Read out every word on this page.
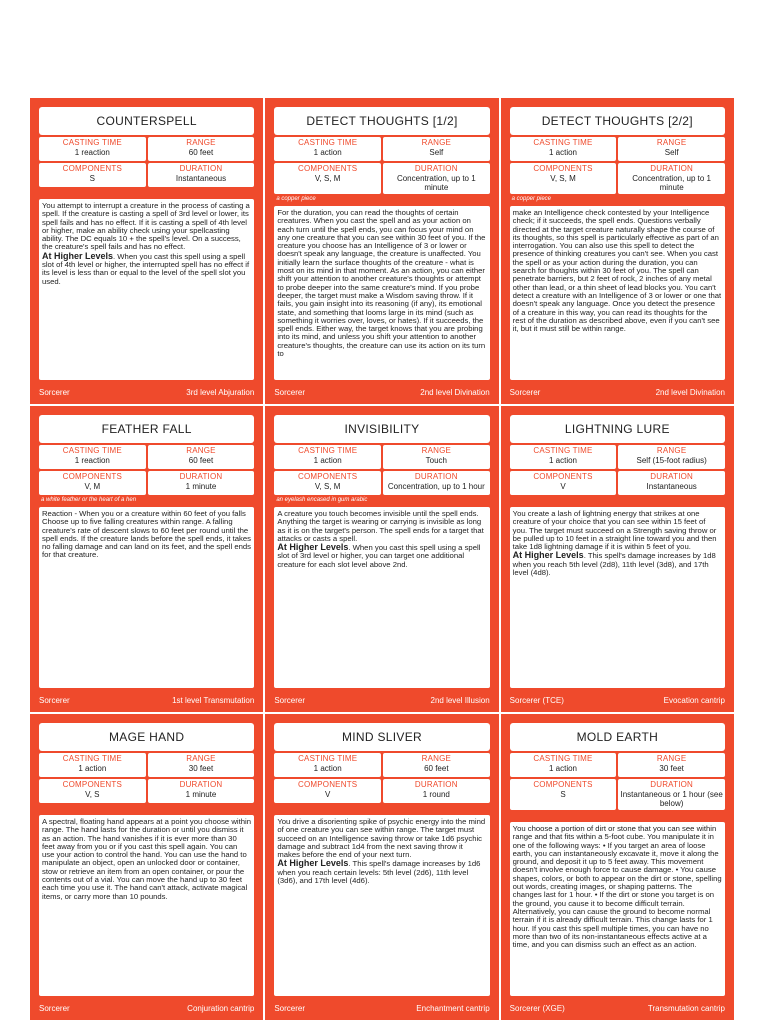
COUNTERSPELL
CASTING TIME
1 reaction
RANGE
60 feet
COMPONENTS
S
DURATION
Instantaneous

You attempt to interrupt a creature in the process of casting a spell. If the creature is casting a spell of 3rd level or lower, its spell fails and has no effect. If it is casting a spell of 4th level or higher, make an ability check using your spellcasting ability. The DC equals 10 + the spell's level. On a success, the creature's spell fails and has no effect.

At Higher Levels. When you cast this spell using a spell slot of 4th level or higher, the interrupted spell has no effect if its level is less than or equal to the level of the spell slot you used.

Sorcerer	3rd level Abjuration
DETECT THOUGHTS [1/2]
CASTING TIME
1 action
RANGE
Self
COMPONENTS
V, S, M
DURATION
Concentration, up to 1 minute
a copper piece

For the duration, you can read the thoughts of certain creatures. When you cast the spell and as your action on each turn until the spell ends, you can focus your mind on any one creature that you can see within 30 feet of you. If the creature you choose has an Intelligence of 3 or lower or doesn't speak any language, the creature is unaffected. You initially learn the surface thoughts of the creature - what is most on its mind in that moment. As an action, you can either shift your attention to another creature's thoughts or attempt to probe deeper into the same creature's mind. If you probe deeper, the target must make a Wisdom saving throw. If it fails, you gain insight into its reasoning (if any), its emotional state, and something that looms large in its mind (such as something it worries over, loves, or hates). If it succeeds, the spell ends. Either way, the target knows that you are probing into its mind, and unless you shift your attention to another creature's thoughts, the creature can use its action on its turn to

Sorcerer	2nd level Divination
DETECT THOUGHTS [2/2]
CASTING TIME
1 action
RANGE
Self
COMPONENTS
V, S, M
DURATION
Concentration, up to 1 minute
a copper piece

make an Intelligence check contested by your Intelligence check; if it succeeds, the spell ends. Questions verbally directed at the target creature naturally shape the course of its thoughts, so this spell is particularly effective as part of an interrogation. You can also use this spell to detect the presence of thinking creatures you can't see. When you cast the spell or as your action during the duration, you can search for thoughts within 30 feet of you. The spell can penetrate barriers, but 2 feet of rock, 2 inches of any metal other than lead, or a thin sheet of lead blocks you. You can't detect a creature with an Intelligence of 3 or lower or one that doesn't speak any language. Once you detect the presence of a creature in this way, you can read its thoughts for the rest of the duration as described above, even if you can't see it, but it must still be within range.

Sorcerer	2nd level Divination
FEATHER FALL
CASTING TIME
1 reaction
RANGE
60 feet
COMPONENTS
V, M
DURATION
1 minute
a white feather or the heart of a hen

Reaction - When you or a creature within 60 feet of you falls Choose up to five falling creatures within range. A falling creature's rate of descent slows to 60 feet per round until the spell ends. If the creature lands before the spell ends, it takes no falling damage and can land on its feet, and the spell ends for that creature.

Sorcerer	1st level Transmutation
INVISIBILITY
CASTING TIME
1 action
RANGE
Touch
COMPONENTS
V, S, M
DURATION
Concentration, up to 1 hour
an eyelash encased in gum arabic

A creature you touch becomes invisible until the spell ends. Anything the target is wearing or carrying is invisible as long as it is on the target's person. The spell ends for a target that attacks or casts a spell.

At Higher Levels. When you cast this spell using a spell slot of 3rd level or higher, you can target one additional creature for each slot level above 2nd.

Sorcerer	2nd level Illusion
LIGHTNING LURE
CASTING TIME
1 action
RANGE
Self (15-foot radius)
COMPONENTS
V
DURATION
Instantaneous

You create a lash of lightning energy that strikes at one creature of your choice that you can see within 15 feet of you. The target must succeed on a Strength saving throw or be pulled up to 10 feet in a straight line toward you and then take 1d8 lightning damage if it is within 5 feet of you.

At Higher Levels. This spell's damage increases by 1d8 when you reach 5th level (2d8), 11th level (3d8), and 17th level (4d8).

Sorcerer (TCE)	Evocation cantrip
MAGE HAND
CASTING TIME
1 action
RANGE
30 feet
COMPONENTS
V, S
DURATION
1 minute

A spectral, floating hand appears at a point you choose within range. The hand lasts for the duration or until you dismiss it as an action. The hand vanishes if it is ever more than 30 feet away from you or if you cast this spell again. You can use your action to control the hand. You can use the hand to manipulate an object, open an unlocked door or container, stow or retrieve an item from an open container, or pour the contents out of a vial. You can move the hand up to 30 feet each time you use it. The hand can't attack, activate magical items, or carry more than 10 pounds.

Sorcerer	Conjuration cantrip
MIND SLIVER
CASTING TIME
1 action
RANGE
60 feet
COMPONENTS
V
DURATION
1 round

You drive a disorienting spike of psychic energy into the mind of one creature you can see within range. The target must succeed on an Intelligence saving throw or take 1d6 psychic damage and subtract 1d4 from the next saving throw it makes before the end of your next turn.

At Higher Levels. This spell's damage increases by 1d6 when you reach certain levels: 5th level (2d6), 11th level (3d6), and 17th level (4d6).

Sorcerer	Enchantment cantrip
MOLD EARTH
CASTING TIME
1 action
RANGE
30 feet
COMPONENTS
S
DURATION
Instantaneous or 1 hour (see below)

You choose a portion of dirt or stone that you can see within range and that fits within a 5-foot cube. You manipulate it in one of the following ways: • If you target an area of loose earth, you can instantaneously excavate it, move it along the ground, and deposit it up to 5 feet away. This movement doesn't involve enough force to cause damage. • You cause shapes, colors, or both to appear on the dirt or stone, spelling out words, creating images, or shaping patterns. The changes last for 1 hour. • If the dirt or stone you target is on the ground, you cause it to become difficult terrain. Alternatively, you can cause the ground to become normal terrain if it is already difficult terrain. This change lasts for 1 hour. If you cast this spell multiple times, you can have no more than two of its non-instantaneous effects active at a time, and you can dismiss such an effect as an action.

Sorcerer (XGE)	Transmutation cantrip
